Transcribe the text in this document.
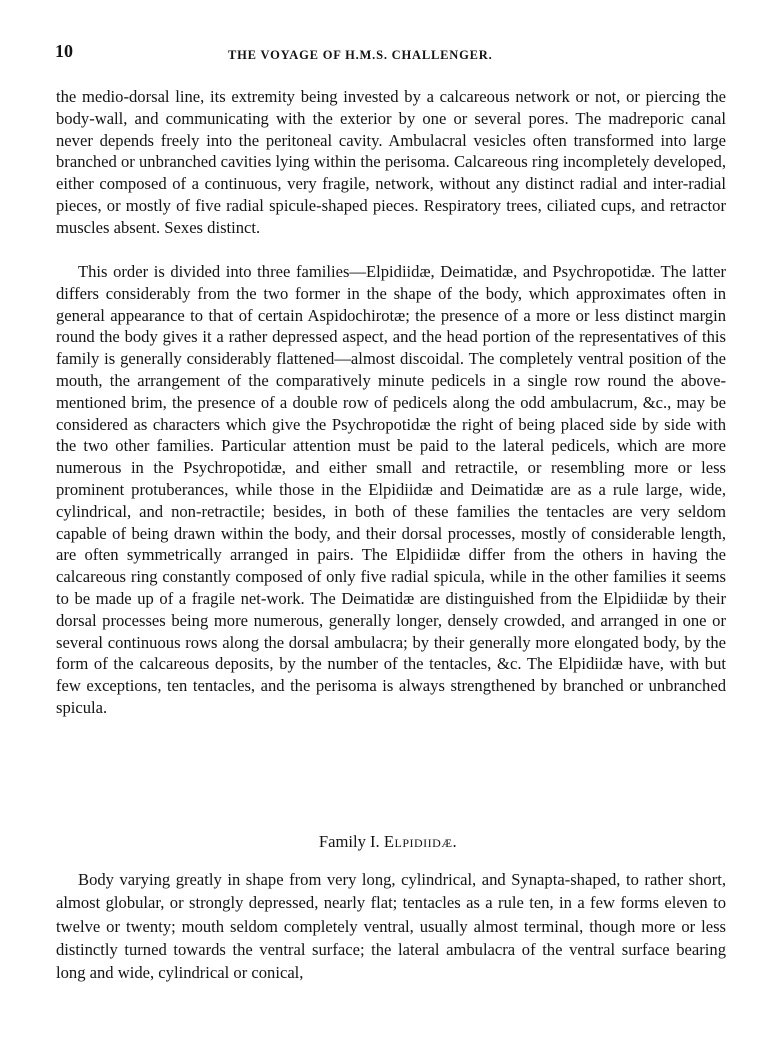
10	THE VOYAGE OF H.M.S. CHALLENGER.

the medio-dorsal line, its extremity being invested by a calcareous network or not, or piercing the body-wall, and communicating with the exterior by one or several pores. The madreporic canal never depends freely into the peritoneal cavity. Ambulacral vesicles often transformed into large branched or unbranched cavities lying within the perisoma. Calcareous ring incompletely developed, either composed of a continuous, very fragile, network, without any distinct radial and inter-radial pieces, or mostly of five radial spicule-shaped pieces. Respiratory trees, ciliated cups, and retractor muscles absent. Sexes distinct.

This order is divided into three families—Elpidiidæ, Deimatidæ, and Psychropotidæ. The latter differs considerably from the two former in the shape of the body, which approximates often in general appearance to that of certain Aspidochirotæ; the presence of a more or less distinct margin round the body gives it a rather depressed aspect, and the head portion of the representatives of this family is generally considerably flattened—almost discoidal. The completely ventral position of the mouth, the arrangement of the comparatively minute pedicels in a single row round the above-mentioned brim, the presence of a double row of pedicels along the odd ambulacrum, &c., may be considered as characters which give the Psychropotidæ the right of being placed side by side with the two other families. Particular attention must be paid to the lateral pedicels, which are more numerous in the Psychropotidæ, and either small and retractile, or resembling more or less prominent protuberances, while those in the Elpidiidæ and Deimatidæ are as a rule large, wide, cylindrical, and non-retractile; besides, in both of these families the tentacles are very seldom capable of being drawn within the body, and their dorsal processes, mostly of considerable length, are often symmetrically arranged in pairs. The Elpidiidæ differ from the others in having the calcareous ring constantly composed of only five radial spicula, while in the other families it seems to be made up of a fragile net-work. The Deimatidæ are distinguished from the Elpidiidæ by their dorsal processes being more numerous, generally longer, densely crowded, and arranged in one or several continuous rows along the dorsal ambulacra; by their generally more elongated body, by the form of the calcareous deposits, by the number of the tentacles, &c. The Elpidiidæ have, with but few exceptions, ten tentacles, and the perisoma is always strengthened by branched or unbranched spicula.

Family I. Elpidiidæ.

Body varying greatly in shape from very long, cylindrical, and Synapta-shaped, to rather short, almost globular, or strongly depressed, nearly flat; tentacles as a rule ten, in a few forms eleven to twelve or twenty; mouth seldom completely ventral, usually almost terminal, though more or less distinctly turned towards the ventral surface; the lateral ambulacra of the ventral surface bearing long and wide, cylindrical or conical,
